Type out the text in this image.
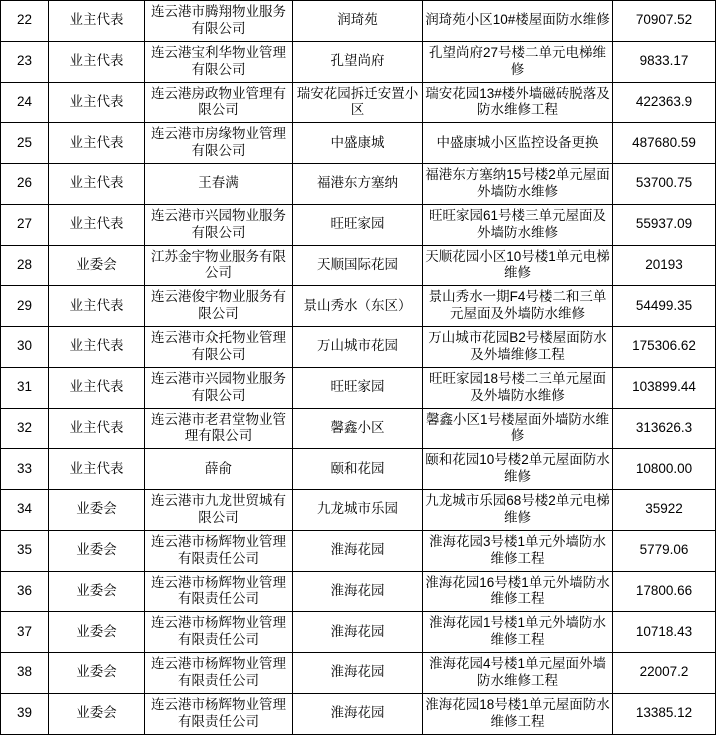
22	业主代表	连云港市腾翔物业服务有限公司	润琦苑	润琦苑小区10#楼屋面防水维修	70907.52
23	业主代表	连云港宝利华物业管理有限公司	孔望尚府	孔望尚府27号楼二单元电梯维修	9833.17
24	业主代表	连云港房政物业管理有限公司	瑞安花园拆迁安置小区	瑞安花园13#楼外墙磁砖脱落及防水维修工程	422363.9
25	业主代表	连云港市房缘物业管理有限公司	中盛康城	中盛康城小区监控设备更换	487680.59
26	业主代表	王春满	福港东方塞纳	福港东方塞纳15号楼2单元屋面外墙防水维修	53700.75
27	业主代表	连云港市兴园物业服务有限公司	旺旺家园	旺旺家园61号楼三单元屋面及外墙防水维修	55937.09
28	业委会	江苏金宇物业服务有限公司	天顺国际花园	天顺花园小区10号楼1单元电梯维修	20193
29	业主代表	连云港俊宇物业服务有限公司	景山秀水（东区）	景山秀水一期F4号楼二和三单元屋面及外墙防水维修	54499.35
30	业主代表	连云港市众托物业管理有限公司	万山城市花园	万山城市花园B2号楼屋面防水及外墙维修工程	175306.62
31	业主代表	连云港市兴园物业服务有限公司	旺旺家园	旺旺家园18号楼二三单元屋面及外墙防水维修	103899.44
32	业主代表	连云港市老君堂物业管理有限公司	馨鑫小区	馨鑫小区1号楼屋面外墙防水维修	313626.3
33	业主代表	薛俞	颐和花园	颐和花园10号楼2单元屋面防水维修	10800.00
34	业委会	连云港市九龙世贸城有限公司	九龙城市乐园	九龙城市乐园68号楼2单元电梯维修	35922
35	业委会	连云港市杨辉物业管理有限责任公司	淮海花园	淮海花园3号楼1单元外墙防水维修工程	5779.06
36	业委会	连云港市杨辉物业管理有限责任公司	淮海花园	淮海花园16号楼1单元外墙防水维修工程	17800.66
37	业委会	连云港市杨辉物业管理有限责任公司	淮海花园	淮海花园1号楼1单元外墙防水维修工程	10718.43
38	业委会	连云港市杨辉物业管理有限责任公司	淮海花园	淮海花园4号楼1单元屋面外墙防水维修工程	22007.2
39	业委会	连云港市杨辉物业管理有限责任公司	淮海花园	淮海花园18号楼1单元屋面防水维修工程	13385.12
